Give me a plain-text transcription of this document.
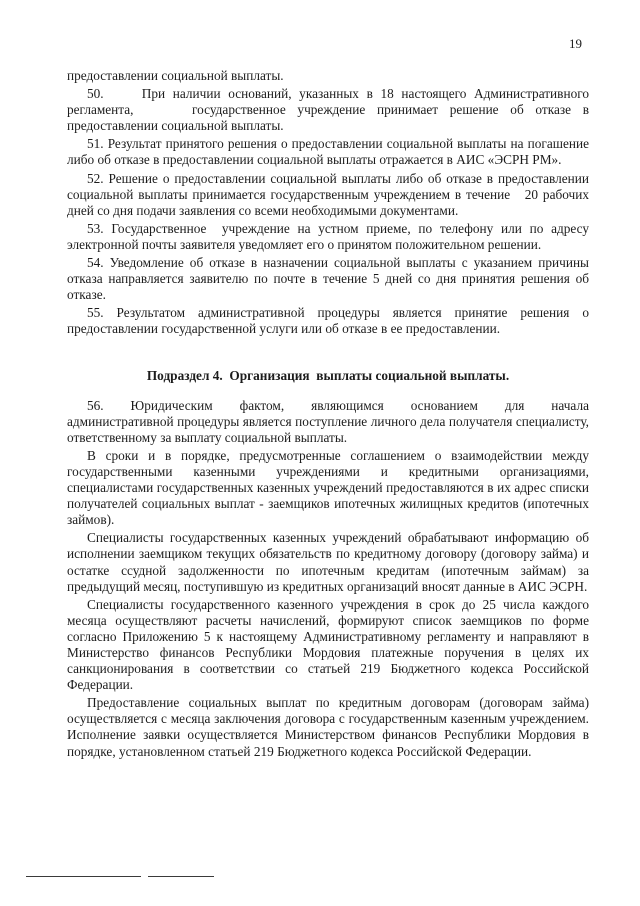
19

предоставлении социальной выплаты.

50.     При наличии оснований, указанных в 18 настоящего Административного регламента,     государственное учреждение принимает решение об отказе в предоставлении социальной выплаты.

51. Результат принятого решения о предоставлении социальной выплаты на погашение либо об отказе в предоставлении социальной выплаты отражается в АИС «ЭСРН РМ».

52. Решение о предоставлении социальной выплаты либо об отказе в предоставлении социальной выплаты принимается государственным учреждением в течение   20 рабочих дней со дня подачи заявления со всеми необходимыми документами.

53. Государственное  учреждение на устном приеме, по телефону или по адресу электронной почты заявителя уведомляет его о принятом положительном решении.

54. Уведомление об отказе в назначении социальной выплаты с указанием причины отказа направляется заявителю по почте в течение 5 дней со дня принятия решения об отказе.

55. Результатом административной процедуры является принятие решения о предоставлении государственной услуги или об отказе в ее предоставлении.

Подраздел 4.  Организация  выплаты социальной выплаты.

56.    Юридическим    фактом,    являющимся    основанием    для    начала административной процедуры является поступление личного дела получателя специалисту, ответственному за выплату социальной выплаты.

В сроки и в порядке, предусмотренные соглашением о взаимодействии между государственными казенными учреждениями и кредитными организациями, специалистами государственных казенных учреждений предоставляются в их адрес списки получателей социальных выплат - заемщиков ипотечных жилищных кредитов (ипотечных займов).

Специалисты государственных казенных учреждений обрабатывают информацию об исполнении заемщиком текущих обязательств по кредитному договору (договору займа) и остатке ссудной задолженности по ипотечным кредитам (ипотечным займам) за предыдущий месяц, поступившую из кредитных организаций вносят данные в АИС ЭСРН.

Специалисты государственного казенного учреждения в срок до 25 числа каждого месяца осуществляют расчеты начислений, формируют список заемщиков по форме согласно Приложению 5 к настоящему Административному регламенту и направляют в Министерство финансов Республики Мордовия платежные поручения в целях их санкционирования в соответствии со статьей 219 Бюджетного кодекса Российской Федерации.

Предоставление социальных выплат по кредитным договорам (договорам займа) осуществляется с месяца заключения договора с государственным казенным учреждением. Исполнение заявки осуществляется Министерством финансов Республики Мордовия в порядке, установленном статьей 219 Бюджетного кодекса Российской Федерации.
